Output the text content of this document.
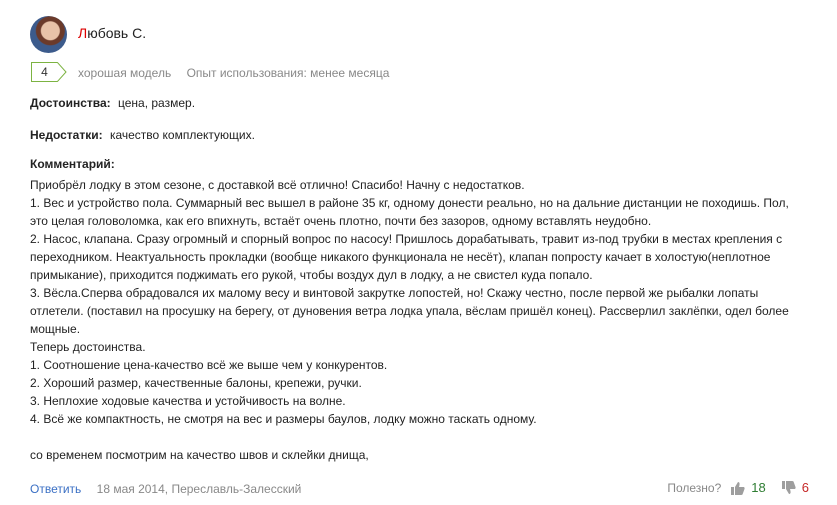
Любовь С.
4	хорошая модель Опыт использования: менее месяца
Достоинства: цена, размер.
Недостатки: качество комплектующих.
Комментарий:
Приобрёл лодку в этом сезоне, с доставкой всё отлично! Спасибо! Начну с недостатков.
1. Вес и устройство пола. Суммарный вес вышел в районе 35 кг, одному донести реально, но на дальние дистанции не походишь. Пол, это целая головоломка, как его впихнуть, встаёт очень плотно, почти без зазоров, одному вставлять неудобно.
2. Насос, клапана. Сразу огромный и спорный вопрос по насосу! Пришлось дорабатывать, травит из-под трубки в местах крепления с переходником. Неактуальность прокладки (вообще никакого функционала не несёт), клапан попросту качает в холостую(неплотное примыкание), приходится поджимать его рукой, чтобы воздух дул в лодку, а не свистел куда попало.
3. Вёсла.Сперва обрадовался их малому весу и винтовой закрутке лопостей, но! Скажу честно, после первой же рыбалки лопаты отлетели. (поставил на просушку на берегу, от дуновения ветра лодка упала, вёслам пришёл конец). Рассверлил заклёпки, одел более мощные.
Теперь достоинства.
1. Соотношение цена-качество всё же выше чем у конкурентов.
2. Хороший размер, качественные балоны, крепежи, ручки.
3. Неплохие ходовые качества и устойчивость на волне.
4. Всё же компактность, не смотря на вес и размеры баулов, лодку можно таскать одному.

со временем посмотрим на качество швов и склейки днища,
Ответить 18 мая 2014, Переславль-Залесский	Полезно? 18	6
